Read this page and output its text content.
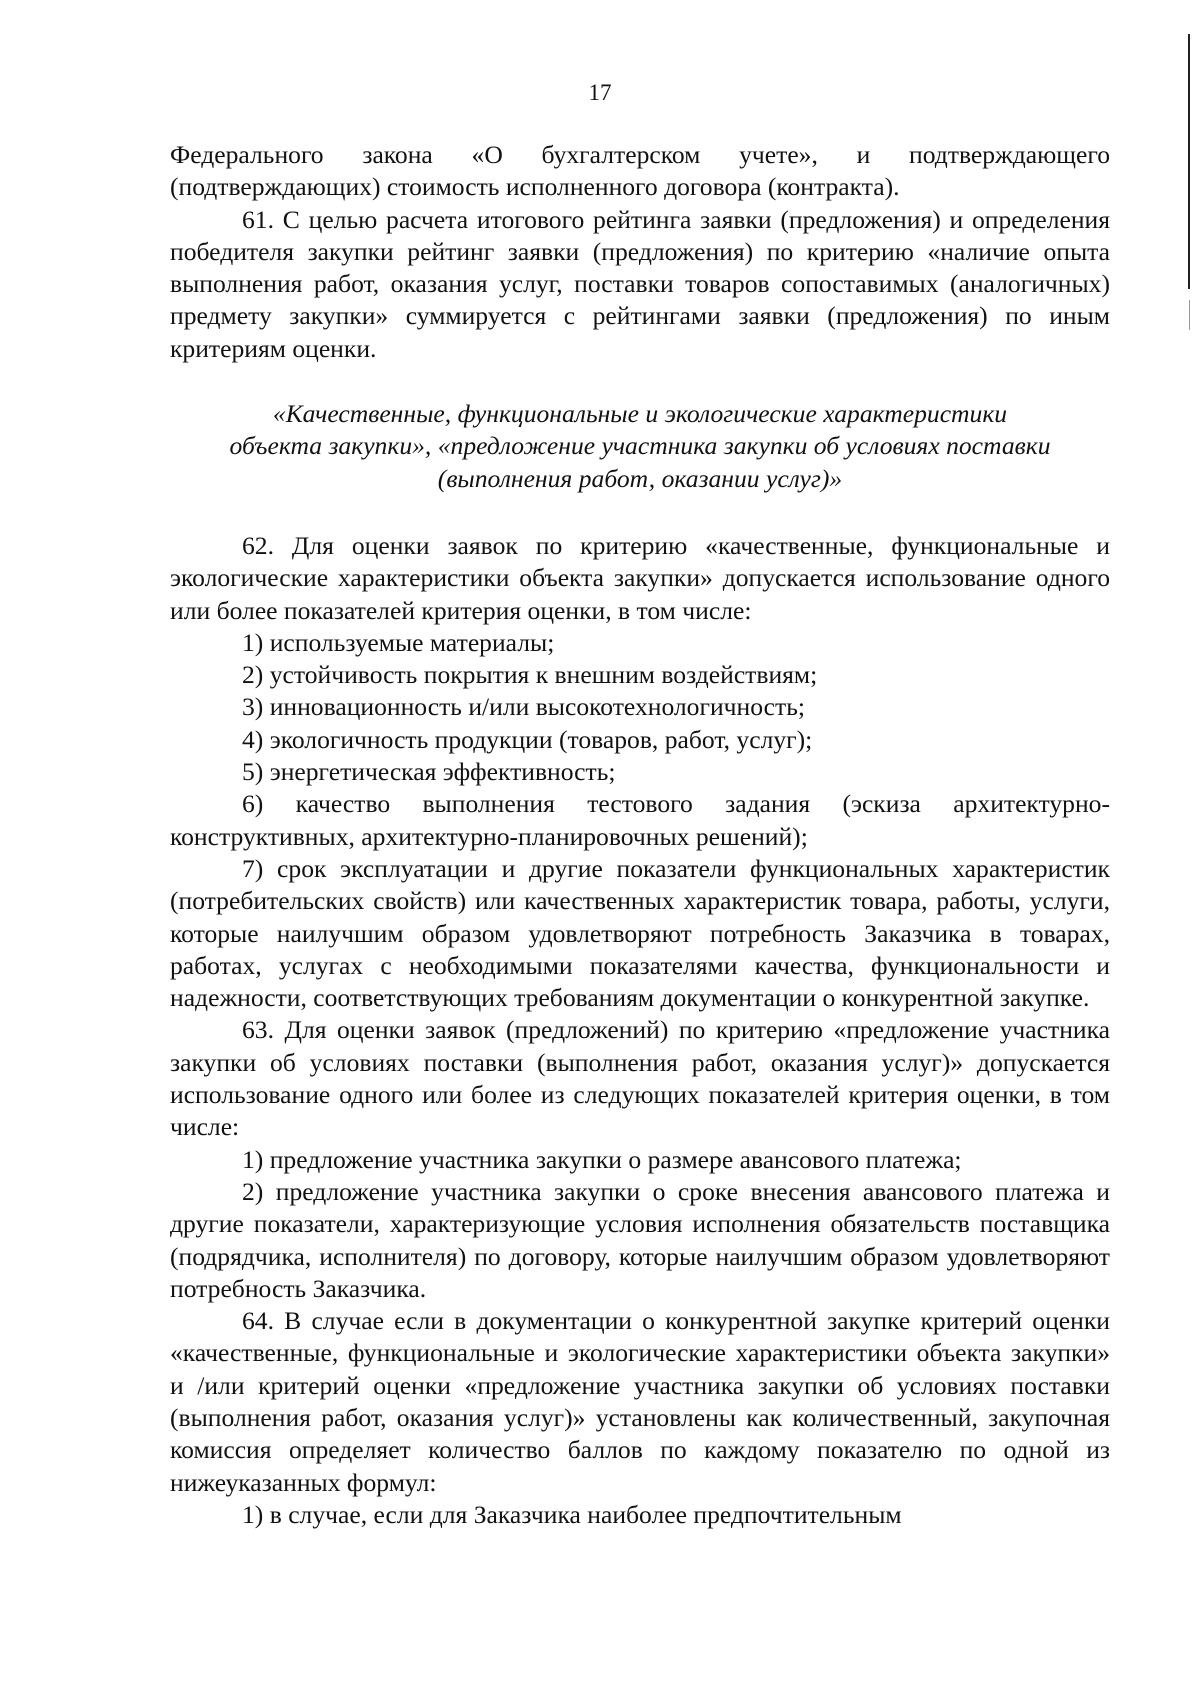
17

Федерального закона «О бухгалтерском учете», и подтверждающего (подтверждающих) стоимость исполненного договора (контракта).

61. С целью расчета итогового рейтинга заявки (предложения) и определения победителя закупки рейтинг заявки (предложения) по критерию «наличие опыта выполнения работ, оказания услуг, поставки товаров сопоставимых (аналогичных) предмету закупки» суммируется с рейтингами заявки (предложения) по иным критериям оценки.

«Качественные, функциональные и экологические характеристики
объекта закупки», «предложение участника закупки об условиях поставки
(выполнения работ, оказании услуг)»

62. Для оценки заявок по критерию «качественные, функциональные и экологические характеристики объекта закупки» допускается использование одного или более показателей критерия оценки, в том числе:

1) используемые материалы;

2) устойчивость покрытия к внешним воздействиям;

3) инновационность и/или высокотехнологичность;

4) экологичность продукции (товаров, работ, услуг);

5) энергетическая эффективность;

6) качество выполнения тестового задания (эскиза архитектурно-конструктивных, архитектурно-планировочных решений);

7) срок эксплуатации и другие показатели функциональных характеристик (потребительских свойств) или качественных характеристик товара, работы, услуги, которые наилучшим образом удовлетворяют потребность Заказчика в товарах, работах, услугах с необходимыми показателями качества, функциональности и надежности, соответствующих требованиям документации о конкурентной закупке.

63. Для оценки заявок (предложений) по критерию «предложение участника закупки об условиях поставки (выполнения работ, оказания услуг)» допускается использование одного или более из следующих показателей критерия оценки, в том числе:

1) предложение участника закупки о размере авансового платежа;

2) предложение участника закупки о сроке внесения авансового платежа и другие показатели, характеризующие условия исполнения обязательств поставщика (подрядчика, исполнителя) по договору, которые наилучшим образом удовлетворяют потребность Заказчика.

64. В случае если в документации о конкурентной закупке критерий оценки «качественные, функциональные и экологические характеристики объекта закупки» и /или критерий оценки «предложение участника закупки об условиях поставки (выполнения работ, оказания услуг)» установлены как количественный, закупочная комиссия определяет количество баллов по каждому показателю по одной из нижеуказанных формул:

1) в случае, если для Заказчика наиболее предпочтительным
